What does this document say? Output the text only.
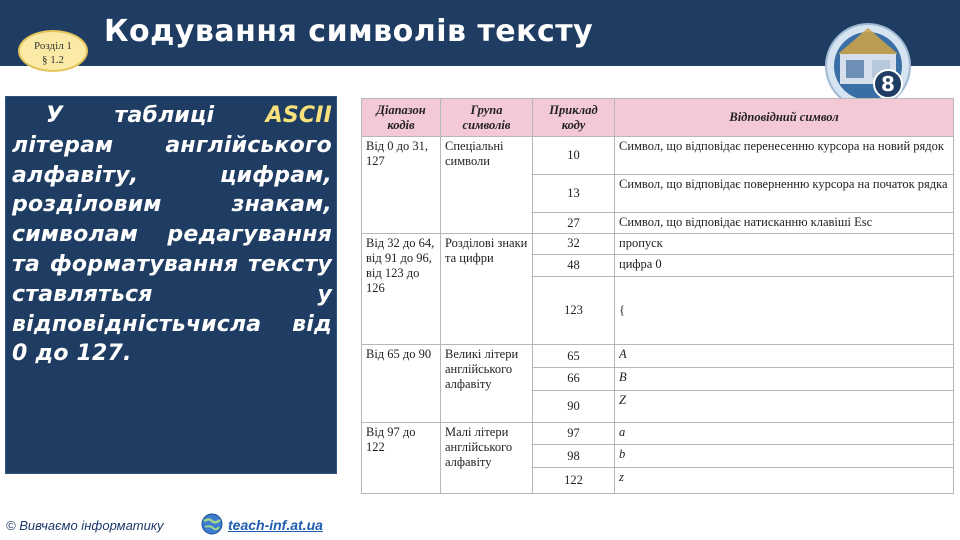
Розділ 1
§ 1.2
Кодування символів тексту
8

У таблиці ASCII літерам англійського алфавіту, цифрам, розділовим знакам, символам редагування та форматування тексту ставляться у відповідністьчисла від 0 до 127.

Діапазон кодів	Група символів	Приклад коду	Відповідний символ
Від 0 до 31, 127	Спеціальні символи	10	Символ, що відповідає перенесенню курсора на новий рядок
		13	Символ, що відповідає поверненню курсора на початок рядка
		27	Символ, що відповідає натисканню клавіші Esc
Від 32 до 64, від 91 до 96, від 123 до 126	Розділові знаки та цифри	32	пропуск
		48	цифра 0
		123	{
Від 65 до 90	Великі літери англійського алфавіту	65	A
		66	B
		90	Z
Від 97 до 122	Малі літери англійського алфавіту	97	a
		98	b
		122	z
© Вивчаємо інформатику	teach-inf.at.ua
